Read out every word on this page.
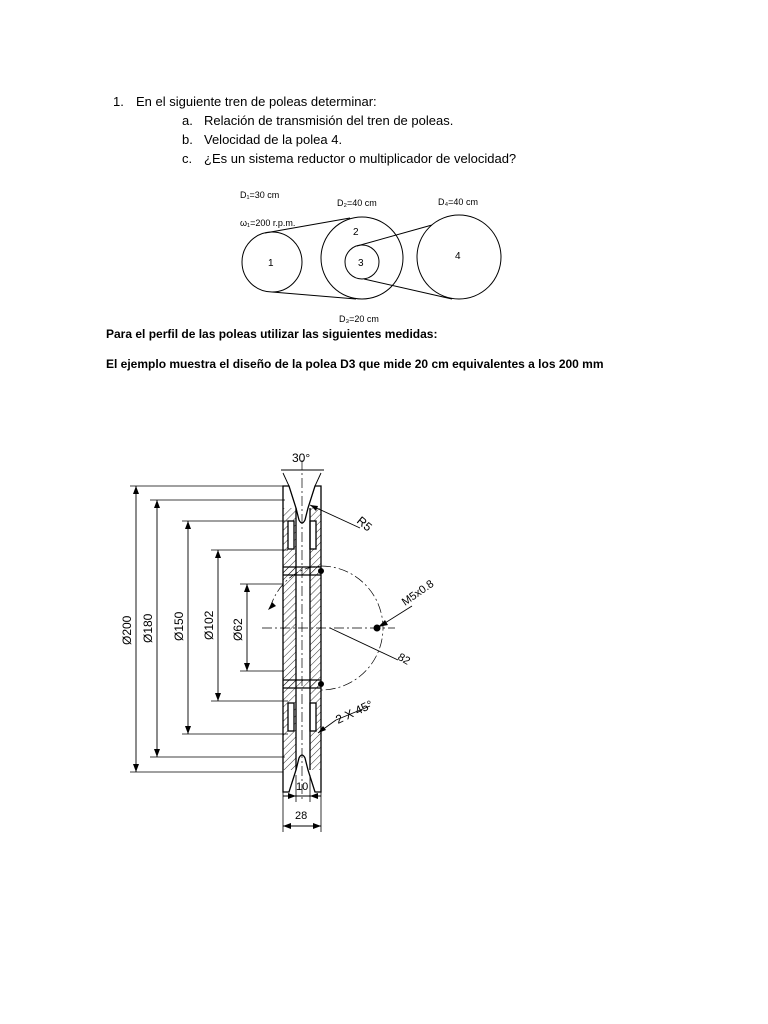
1. En el siguiente tren de poleas determinar:
a. Relación de transmisión del tren de poleas.
b. Velocidad de la polea 4.
c. ¿Es un sistema reductor o multiplicador de velocidad?
D₁=30 cm
ω₁=200 r.p.m.
D₂=40 cm	D₄=40 cm
D₃=20 cm
1
2
3
4
Para el perfil de las poleas utilizar las siguientes medidas:
El ejemplo muestra el diseño de la polea D3 que mide 20 cm equivalentes a los 200 mm
Ø200 Ø180 Ø150 Ø102 Ø62
30°
R5
M5x0.8
82
2 X 45°
10
28
